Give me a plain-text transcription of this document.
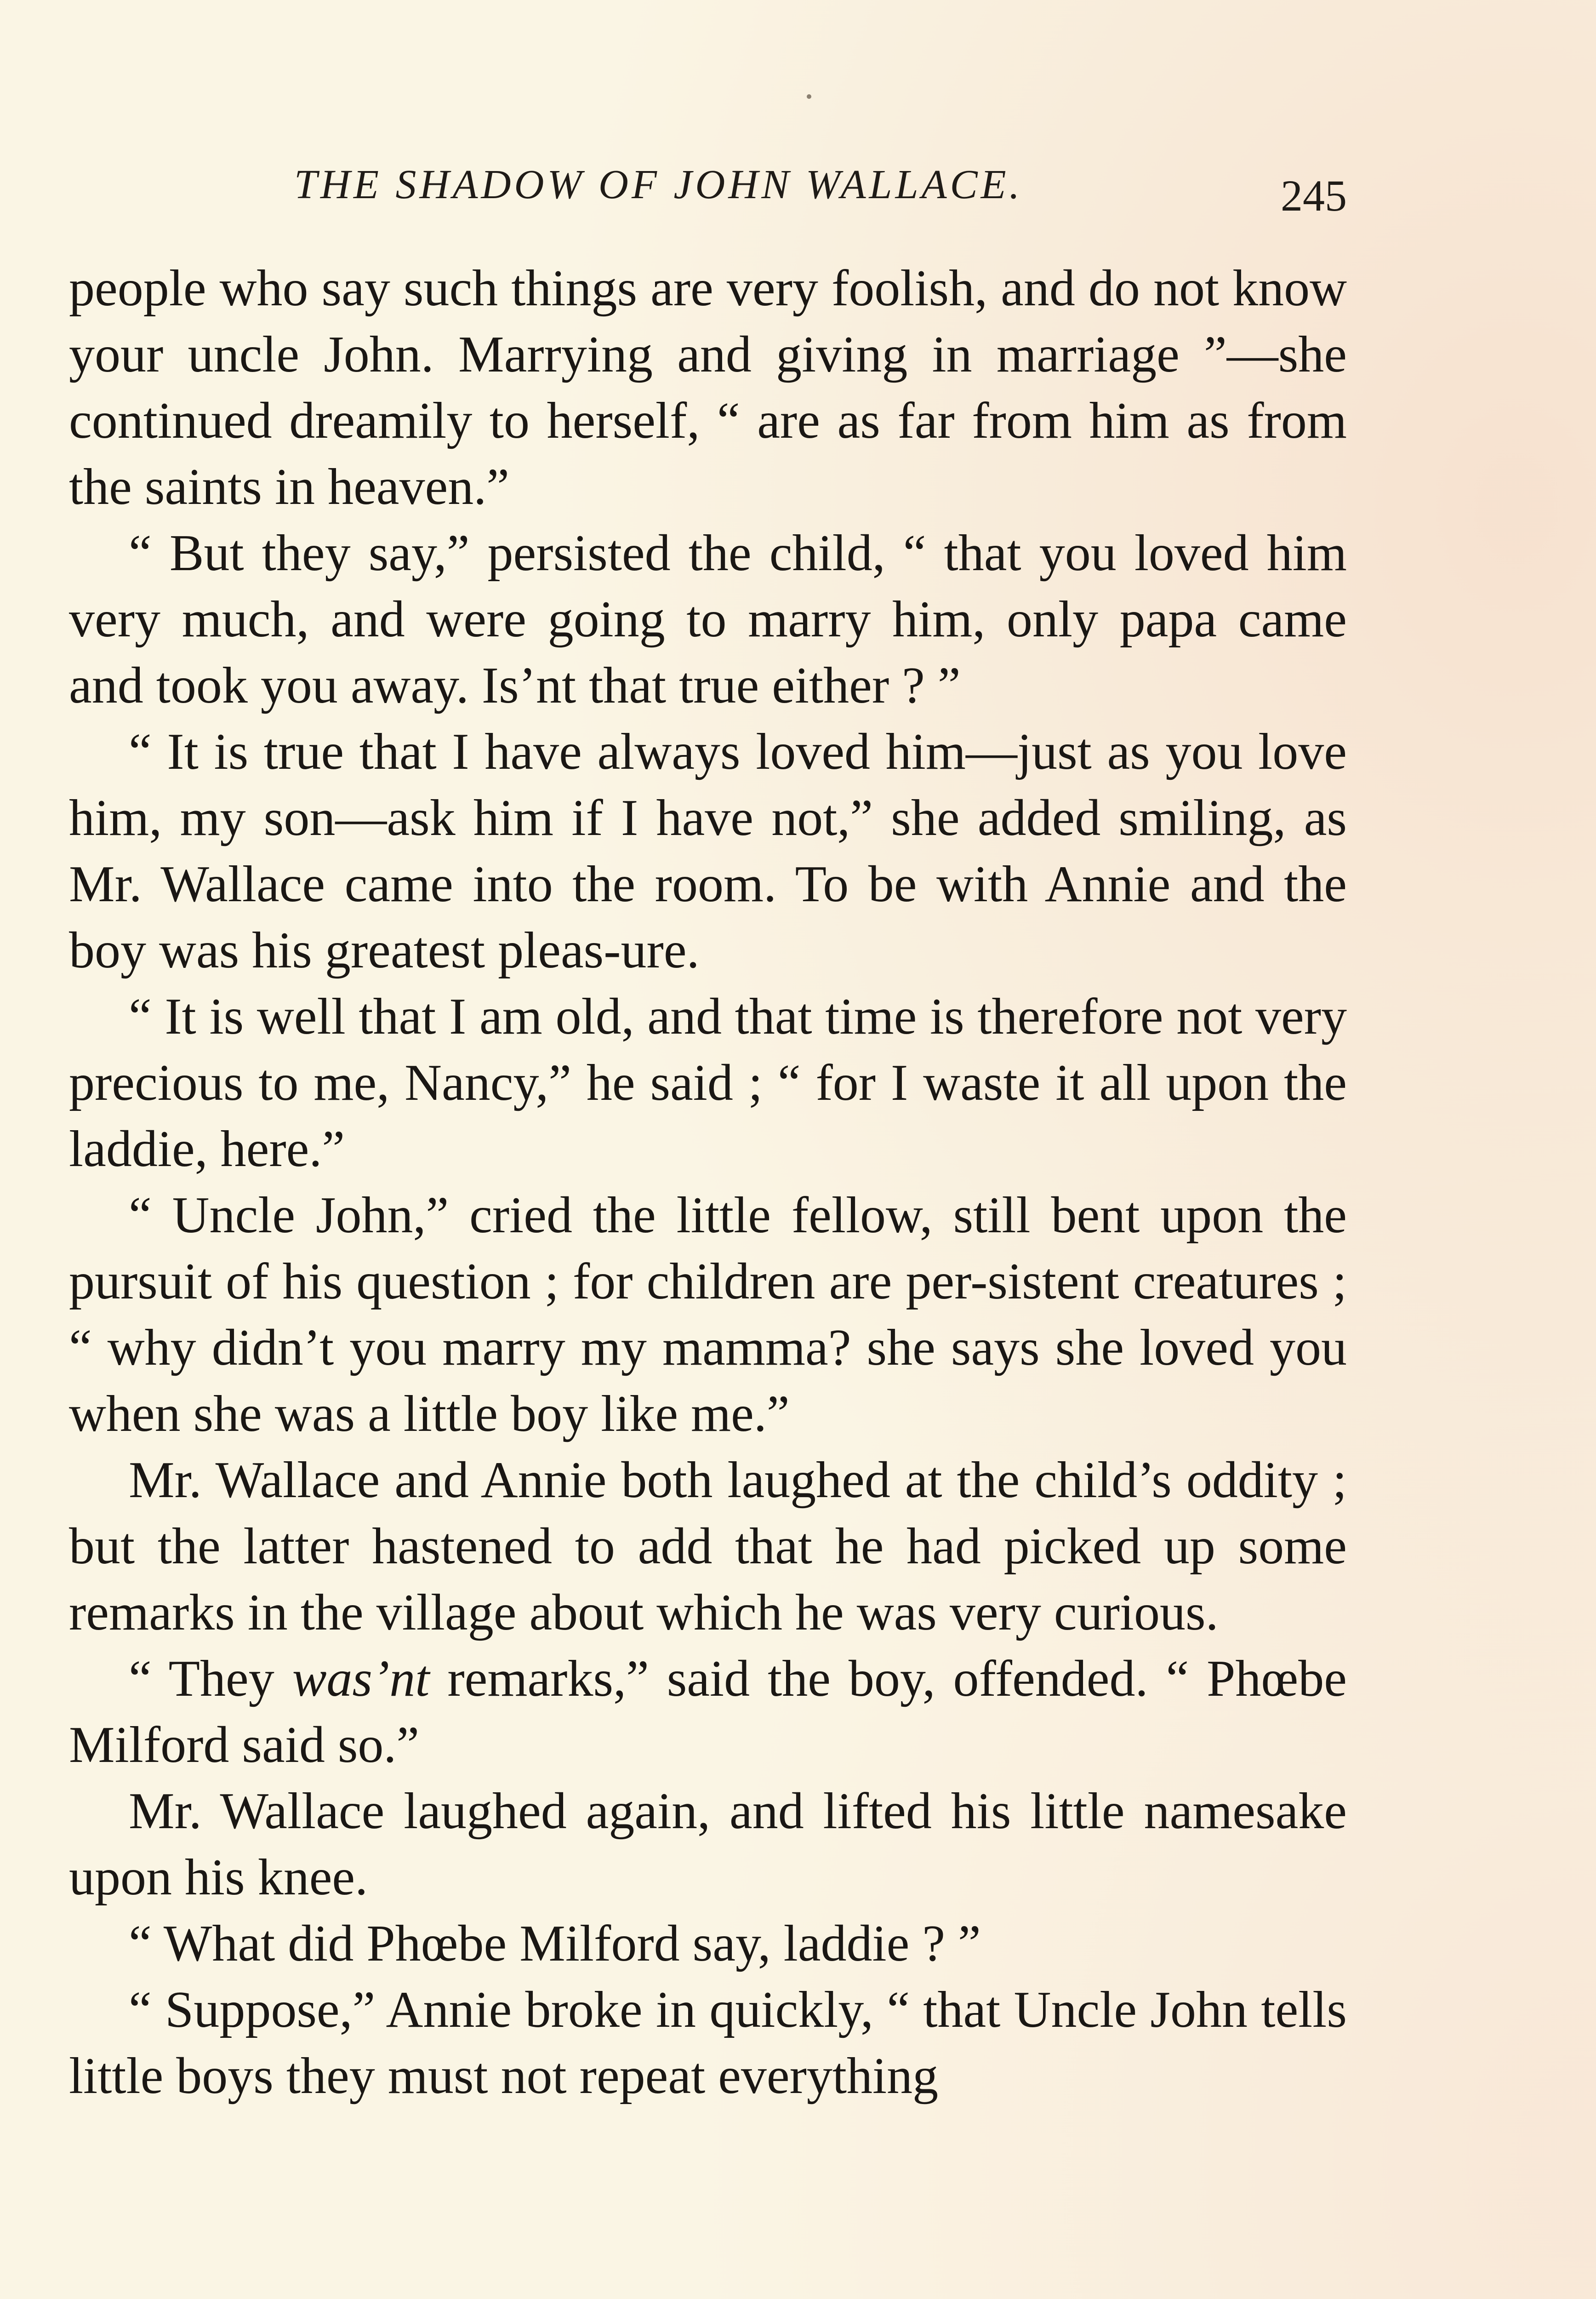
THE SHADOW OF JOHN WALLACE.	245

people who say such things are very foolish, and do not know your uncle John. Marrying and giving in marriage ”—she continued dreamily to herself, “ are as far from him as from the saints in heaven.”

“ But they say,” persisted the child, “ that you loved him very much, and were going to marry him, only papa came and took you away. Is’nt that true either ? ”

“ It is true that I have always loved him—just as you love him, my son—ask him if I have not,” she added smiling, as Mr. Wallace came into the room. To be with Annie and the boy was his greatest pleas-ure.

“ It is well that I am old, and that time is therefore not very precious to me, Nancy,” he said ; “ for I waste it all upon the laddie, here.”

“ Uncle John,” cried the little fellow, still bent upon the pursuit of his question ; for children are per-sistent creatures ; “ why didn’t you marry my mamma? she says she loved you when she was a little boy like me.”

Mr. Wallace and Annie both laughed at the child’s oddity ; but the latter hastened to add that he had picked up some remarks in the village about which he was very curious.

“ They was’nt remarks,” said the boy, offended. “ Phœbe Milford said so.”

Mr. Wallace laughed again, and lifted his little namesake upon his knee.

“ What did Phœbe Milford say, laddie ? ”

“ Suppose,” Annie broke in quickly, “ that Uncle John tells little boys they must not repeat everything
